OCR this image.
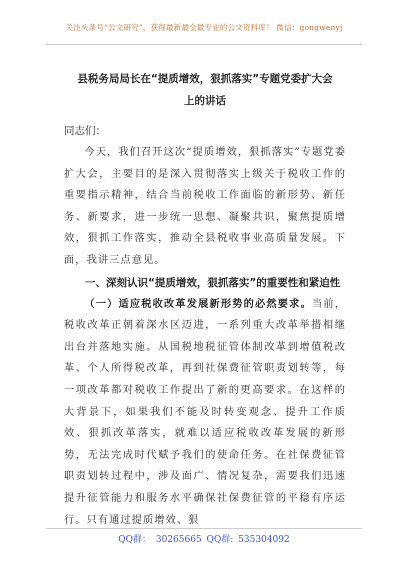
关注头条号“公文研究”，获得最新最全最专业的公文资料库！ 微信：gongwenyj

县税务局局长在“提质增效，狠抓落实”专题党委扩大会

上的讲话

同志们：

今天，我们召开这次“提质增效，狠抓落实”专题党委扩大会，主要目的是深入贯彻落实上级关于税收工作的重要指示精神，结合当前税收工作面临的新形势、新任务、新要求，进一步统一思想、凝聚共识，聚焦提质增效，狠抓工作落实，推动全县税收事业高质量发展。下面，我讲三点意见。

一、深刻认识“提质增效，狠抓落实”的重要性和紧迫性

（一）适应税收改革发展新形势的必然要求。当前，税收改革正朝着深水区迈进，一系列重大改革举措相继出台并落地实施。从国税地税征管体制改革到增值税改革、个人所得税改革，再到社保费征管职责划转等，每一项改革都对税收工作提出了新的更高要求。在这样的大背景下，如果我们不能及时转变观念、提升工作质效、狠抓改革落实，就难以适应税收改革发展的新形势，无法完成时代赋予我们的使命任务。在社保费征管职责划转过程中，涉及面广、情况复杂，需要我们迅速提升征管能力和服务水平确保社保费征管的平稳有序运行。只有通过提质增效、狠

QQ群： 30265665 QQ群: 535304092
